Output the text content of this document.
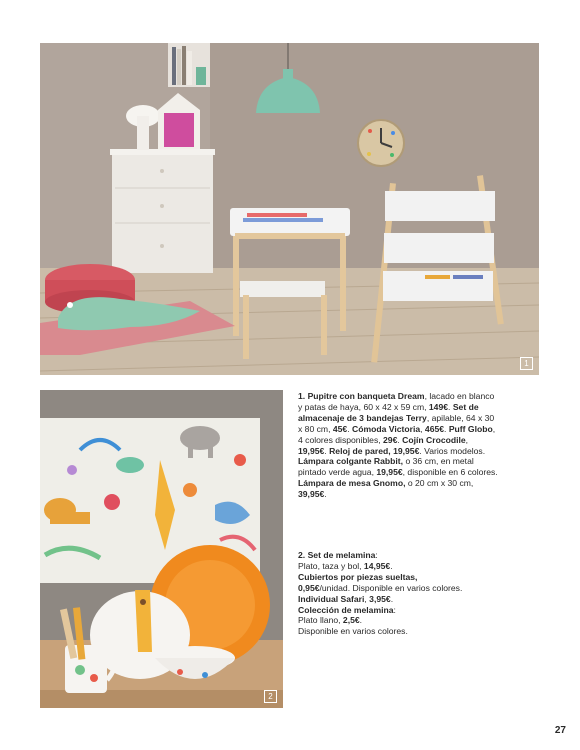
1
2
1. Pupitre con banqueta Dream, lacado en blanco y patas de haya, 60 x 42 x 59 cm, 149€. Set de almacenaje de 3 bandejas Terry, apilable, 64 x 30 x 80 cm, 45€. Cómoda Victoria, 465€. Puff Globo, 4 colores disponibles, 29€. Cojín Crocodile, 19,95€. Reloj de pared, 19,95€. Varios modelos. Lámpara colgante Rabbit, o 36 cm, en metal pintado verde agua, 19,95€, disponible en 6 colores. Lámpara de mesa Gnomo, o 20 cm x 30 cm, 39,95€.
2. Set de melamina:
Plato, taza y bol, 14,95€.
Cubiertos por piezas sueltas,
0,95€/unidad. Disponible en varios colores. Individual Safari, 3,95€.
Colección de melamina:
Plato llano, 2,5€.
Disponible en varios colores.
27
